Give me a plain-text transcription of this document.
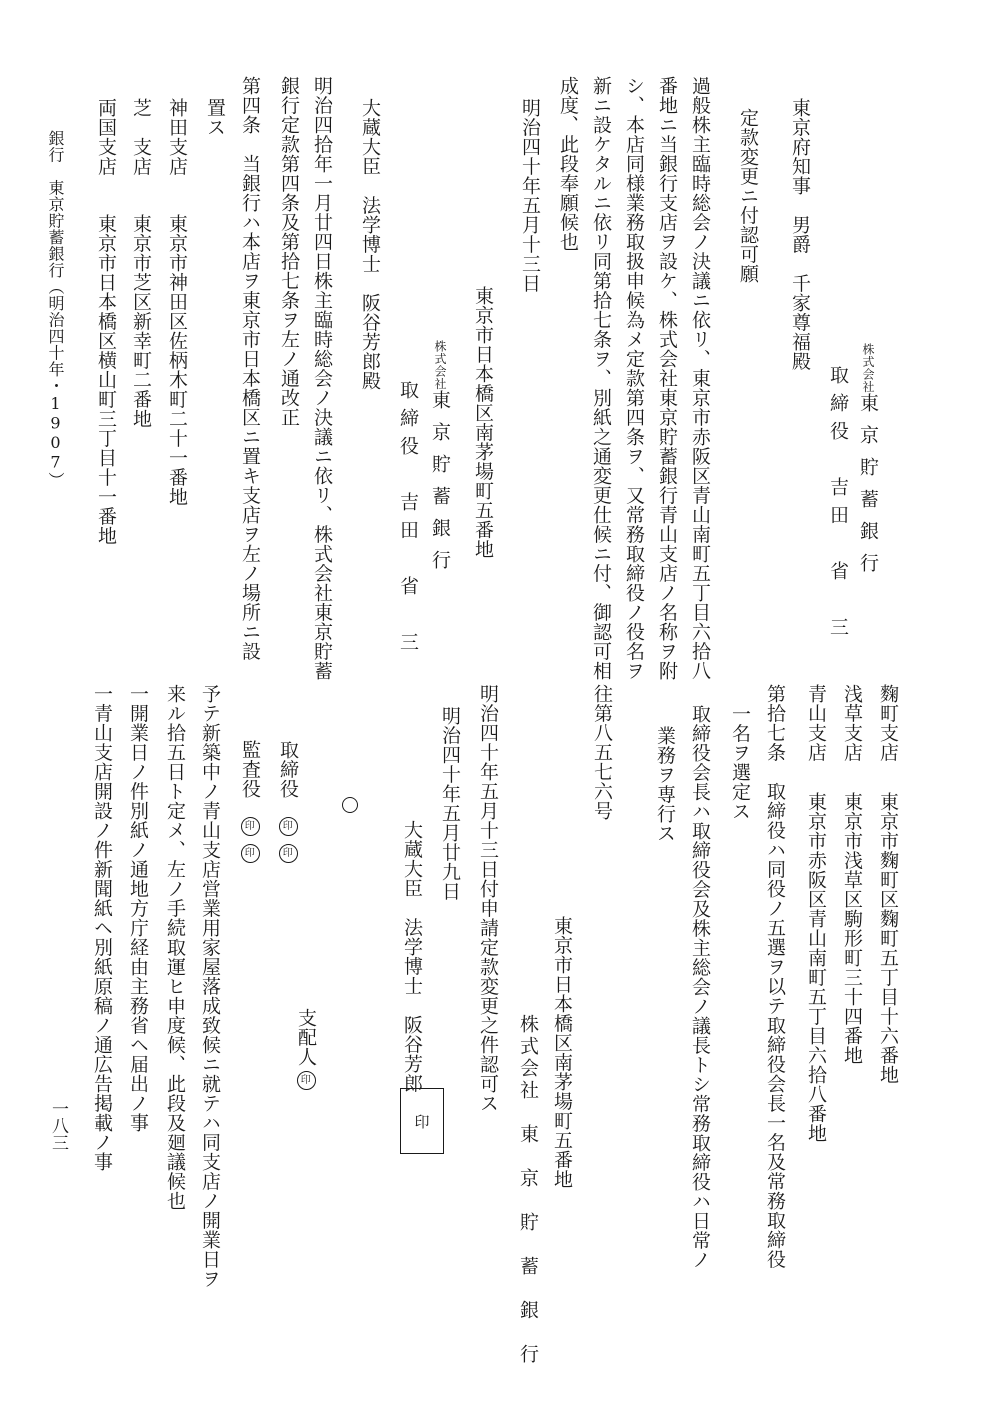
東京府知事　男爵　千家尊福殿	株式会社東京貯蓄銀行
取締役　吉田　省　三
定款変更ニ付認可願
過般株主臨時総会ノ決議ニ依リ、東京市赤阪区青山南町五丁目六拾八
番地ニ当銀行支店ヲ設ケ、株式会社東京貯蓄銀行青山支店ノ名称ヲ附
シ、本店同様業務取扱申候為メ定款第四条ヲ、又常務取締役ノ役名ヲ
新ニ設ケタルニ依リ同第拾七条ヲ、別紙之通変更仕候ニ付、御認可相
成度、此段奉願候也
明治四十年五月十三日
東京市日本橋区南茅場町五番地
株式会社東京貯蓄銀行
取締役　吉田　省　三
大蔵大臣　法学博士　阪谷芳郎殿
明治四拾年一月廿四日株主臨時総会ノ決議ニ依リ、株式会社東京貯蓄
銀行定款第四条及第拾七条ヲ左ノ通改正
第四条　当銀行ハ本店ヲ東京市日本橋区ニ置キ支店ヲ左ノ場所ニ設
置ス
神田支店
東京市神田区佐柄木町二十一番地
芝　支店
東京市芝区新幸町二番地
両国支店
東京市日本橋区横山町三丁目十一番地
銀行　東京貯蓄銀行（明治四十年・1907）
麴町支店
東京市麴町区麴町五丁目十六番地
浅草支店
東京市浅草区駒形町三十四番地
青山支店
東京市赤阪区青山南町五丁目六拾八番地
第拾七条　取締役ハ同役ノ五選ヲ以テ取締役会長一名及常務取締役
一名ヲ選定ス
取締役会長ハ取締役会及株主総会ノ議長トシ常務取締役ハ日常ノ
業務ヲ専行ス
往第八五七六号
東京市日本橋区南茅場町五番地
株式会社　東　京　貯　蓄　銀　行
明治四十年五月十三日付申請定款変更之件認可ス
明治四十年五月廿九日
大蔵大臣　法学博士　阪谷芳郎
印
支配人印
取締役印印
監査役印印
予テ新築中ノ青山支店営業用家屋落成致候ニ就テハ同支店ノ開業日ヲ
来ル拾五日ト定メ、左ノ手続取運ヒ申度候、此段及廻議候也
一開業日ノ件別紙ノ通地方庁経由主務省ヘ届出ノ事
一青山支店開設ノ件新聞紙ヘ別紙原稿ノ通広告掲載ノ事
一八三
